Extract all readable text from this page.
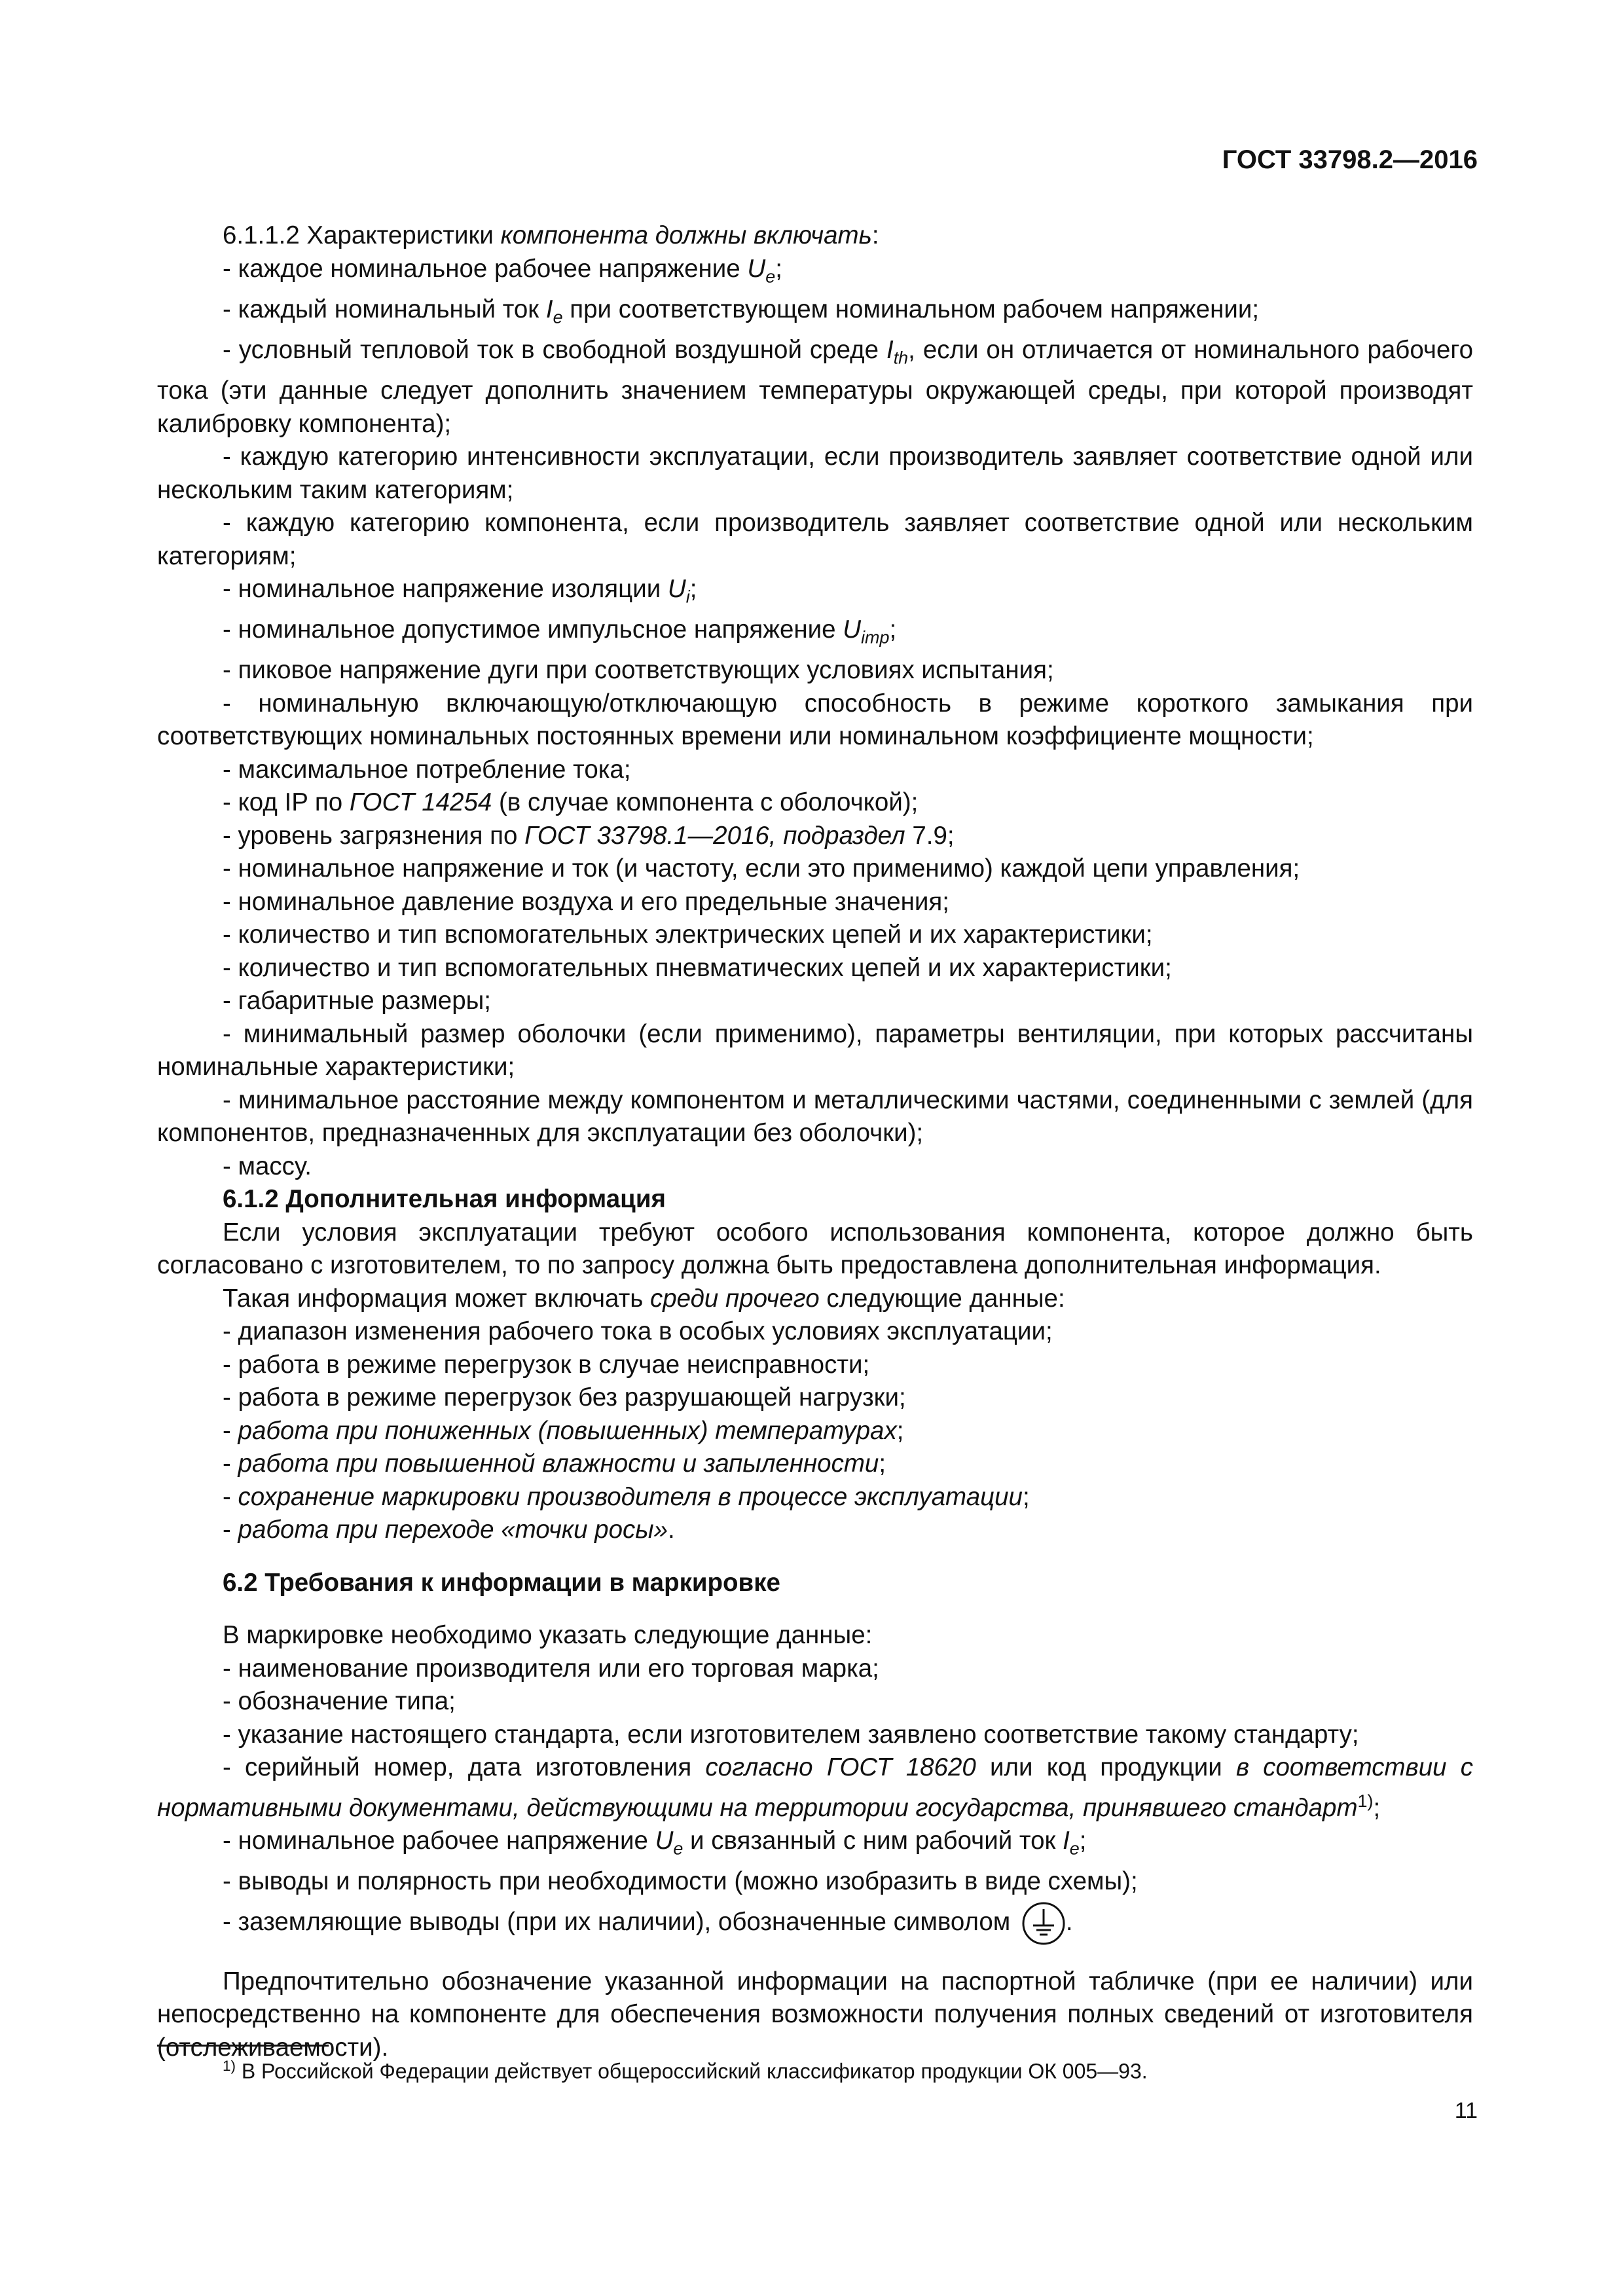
ГОСТ 33798.2—2016

6.1.1.2 Характеристики компонента должны включать:

- каждое номинальное рабочее напряжение $U_e$;

- каждый номинальный ток $I_e$ при соответствующем номинальном рабочем напряжении;

- условный тепловой ток в свободной воздушной среде $I_{th}$, если он отличается от номинального рабочего тока (эти данные следует дополнить значением температуры окружающей среды, при которой производят калибровку компонента);

- каждую категорию интенсивности эксплуатации, если производитель заявляет соответствие одной или нескольким таким категориям;

- каждую категорию компонента, если производитель заявляет соответствие одной или нескольким категориям;

- номинальное напряжение изоляции $U_i$;

- номинальное допустимое импульсное напряжение $U_{imp}$;

- пиковое напряжение дуги при соответствующих условиях испытания;

- номинальную включающую/отключающую способность в режиме короткого замыкания при соответствующих номинальных постоянных времени или номинальном коэффициенте мощности;

- максимальное потребление тока;

- код IP по ГОСТ 14254 (в случае компонента с оболочкой);

- уровень загрязнения по ГОСТ 33798.1—2016, подраздел 7.9;

- номинальное напряжение и ток (и частоту, если это применимо) каждой цепи управления;

- номинальное давление воздуха и его предельные значения;

- количество и тип вспомогательных электрических цепей и их характеристики;

- количество и тип вспомогательных пневматических цепей и их характеристики;

- габаритные размеры;

- минимальный размер оболочки (если применимо), параметры вентиляции, при которых рассчитаны номинальные характеристики;

- минимальное расстояние между компонентом и металлическими частями, соединенными с землей (для компонентов, предназначенных для эксплуатации без оболочки);

- массу.

6.1.2 Дополнительная информация

Если условия эксплуатации требуют особого использования компонента, которое должно быть согласовано с изготовителем, то по запросу должна быть предоставлена дополнительная информация.

Такая информация может включать среди прочего следующие данные:

- диапазон изменения рабочего тока в особых условиях эксплуатации;

- работа в режиме перегрузок в случае неисправности;

- работа в режиме перегрузок без разрушающей нагрузки;

- работа при пониженных (повышенных) температурах;

- работа при повышенной влажности и запыленности;

- сохранение маркировки производителя в процессе эксплуатации;

- работа при переходе «точки росы».

6.2 Требования к информации в маркировке

В маркировке необходимо указать следующие данные:

- наименование производителя или его торговая марка;

- обозначение типа;

- указание настоящего стандарта, если изготовителем заявлено соответствие такому стандарту;

- серийный номер, дата изготовления согласно ГОСТ 18620 или код продукции в соответствии с нормативными документами, действующими на территории государства, принявшего стандарт$^{1)}$;

- номинальное рабочее напряжение $U_e$ и связанный с ним рабочий ток $I_e$;

- выводы и полярность при необходимости (можно изобразить в виде схемы);

- заземляющие выводы (при их наличии), обозначенные символом .

Предпочтительно обозначение указанной информации на паспортной табличке (при ее наличии) или непосредственно на компоненте для обеспечения возможности получения полных сведений от изготовителя (отслеживаемости).

$^{1)}$ В Российской Федерации действует общероссийский классификатор продукции ОК 005—93.
11
